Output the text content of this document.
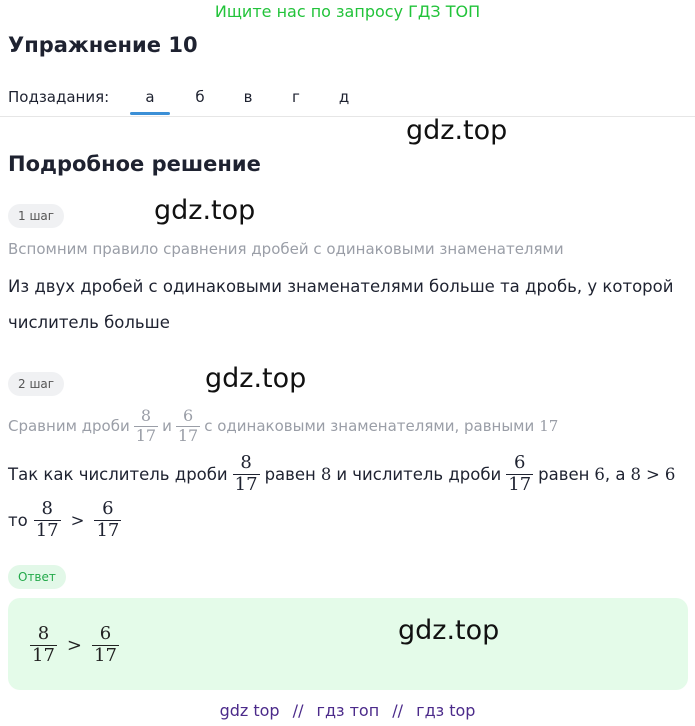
Ищите нас по запросу ГДЗ ТОП
Упражнение 10
Подзадания:	а	б	в	г	д
gdz.top
Подробное решение
1 шаг	gdz.top
Вспомним правило сравнения дробей с одинаковыми знаменателями
Из двух дробей с одинаковыми знаменателями больше та дробь, у которой
числитель больше
2 шаг	gdz.top
Сравним дроби $\frac{8}{17}$ и $\frac{6}{17}$ с одинаковыми знаменателями, равными 17
Так как числитель дроби $\frac{8}{17}$ равен 8 и числитель дроби $\frac{6}{17}$ равен 6 , а 8 > 6
то $\frac{8}{17} > \frac{6}{17}$
Ответ
$\frac{8}{17} > \frac{6}{17}$	gdz.top
gdz top // гдз топ // гдз top
